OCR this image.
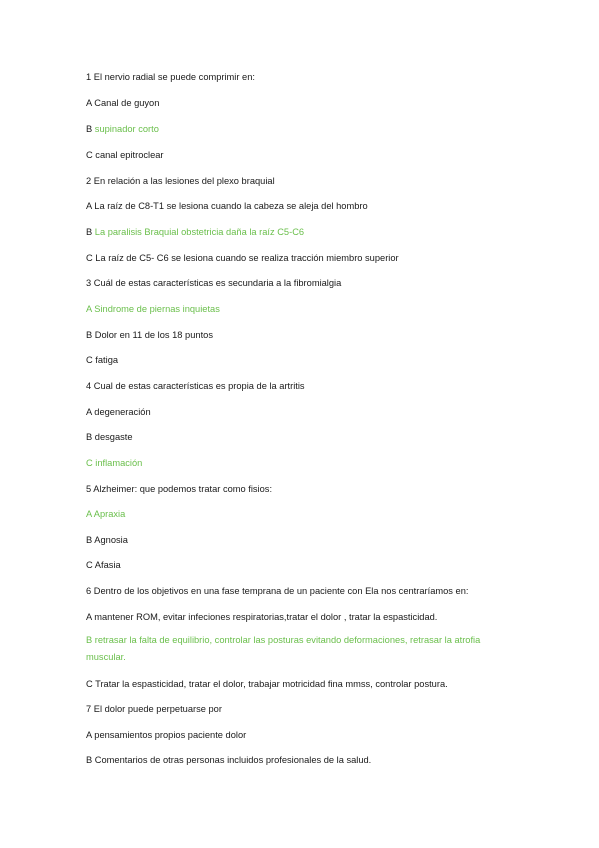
1 El nervio radial se puede comprimir en:

A Canal de guyon

B supinador corto

C canal epitroclear

2 En relación a las lesiones del plexo braquial

A La raíz de C8-T1 se lesiona cuando la cabeza se aleja del hombro

B La paralisis Braquial obstetricia daña la raíz C5-C6

C La raíz de C5- C6 se lesiona cuando se realiza tracción miembro superior

3 Cuál de estas características es secundaria a la fibromialgia

A Sindrome de piernas inquietas

B Dolor en 11 de los 18 puntos

C fatiga

4 Cual de estas características es propia de la artritis

A degeneración

B desgaste

C inflamación

5 Alzheimer: que podemos tratar como fisios:

A Apraxia

B Agnosia

C Afasia

6 Dentro de los objetivos en una fase temprana de un paciente con Ela nos centraríamos en:

A mantener ROM, evitar infeciones respiratorias,tratar el dolor , tratar la espasticidad.

B retrasar la falta de equilibrio, controlar las posturas evitando deformaciones, retrasar la atrofia muscular.

C Tratar la espasticidad, tratar el dolor, trabajar motricidad fina mmss, controlar postura.

7 El dolor puede perpetuarse por

A pensamientos propios paciente dolor

B Comentarios de otras personas incluidos profesionales de la salud.
